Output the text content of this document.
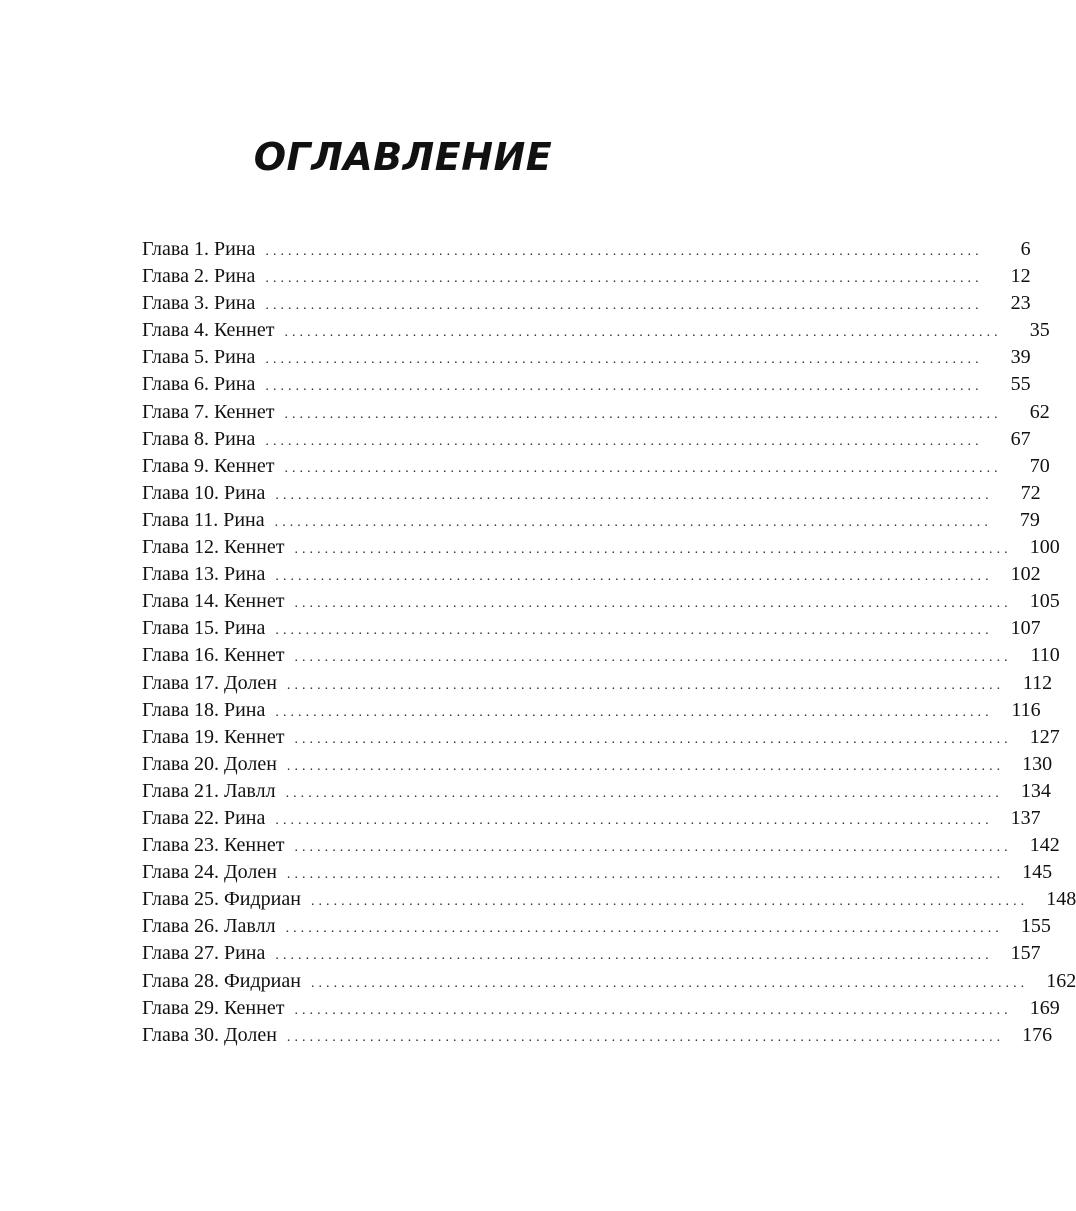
ОГЛАВЛЕНИЕ
Глава 1. Рина ...............................................................................................	6
Глава 2. Рина ...............................................................................................	12
Глава 3. Рина ...............................................................................................	23
Глава 4. Кеннет ...............................................................................................	35
Глава 5. Рина ...............................................................................................	39
Глава 6. Рина ...............................................................................................	55
Глава 7. Кеннет ...............................................................................................	62
Глава 8. Рина ...............................................................................................	67
Глава 9. Кеннет ...............................................................................................	70
Глава 10. Рина ...............................................................................................	72
Глава 11. Рина ...............................................................................................	79
Глава 12. Кеннет ............................................................................................... 100
Глава 13. Рина ............................................................................................... 102
Глава 14. Кеннет ............................................................................................... 105
Глава 15. Рина ............................................................................................... 107
Глава 16. Кеннет ............................................................................................... 110
Глава 17. Долен ............................................................................................... 112
Глава 18. Рина ............................................................................................... 116
Глава 19. Кеннет ............................................................................................... 127
Глава 20. Долен ............................................................................................... 130
Глава 21. Лавлл ............................................................................................... 134
Глава 22. Рина ............................................................................................... 137
Глава 23. Кеннет ............................................................................................... 142
Глава 24. Долен ............................................................................................... 145
Глава 25. Фидриан ............................................................................................... 148
Глава 26. Лавлл ............................................................................................... 155
Глава 27. Рина ............................................................................................... 157
Глава 28. Фидриан ............................................................................................... 162
Глава 29. Кеннет ............................................................................................... 169
Глава 30. Долен ............................................................................................... 176
